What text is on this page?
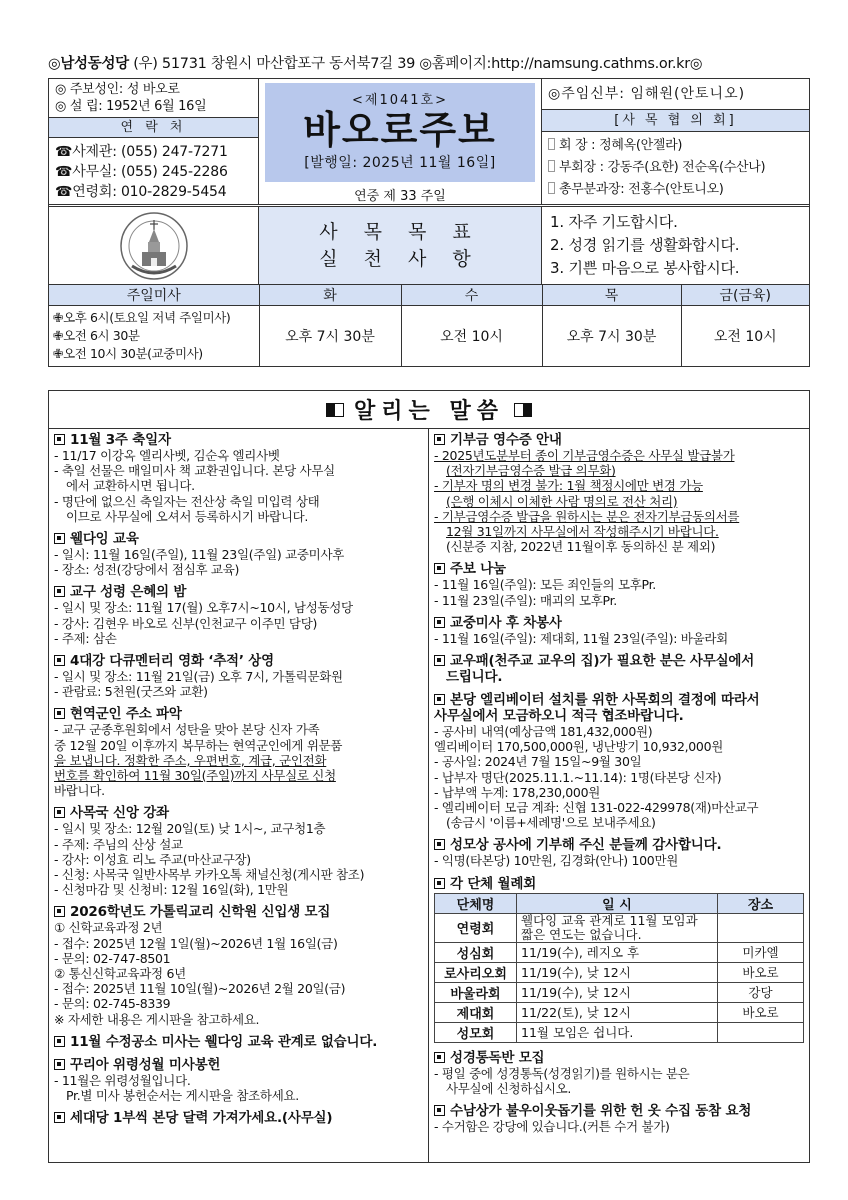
◎남성동성당 (우) 51731 창원시 마산합포구 동서북7길 39 ◎홈페이지:http://namsung.cathms.or.kr◎
◎ 주보성인: 성 바오로
◎ 설 립: 1952년 6월 16일
연 락 처
☎사제관: (055) 247-7271
☎사무실: (055) 245-2286
☎연령회: 010-2829-5454
<제1041호>
바오로주보
[발행일: 2025년 11월 16일]
연중 제 33 주일
◎주임신부: 임해원(안토니오)
[사 목 협 의 회]
회 장 : 정혜옥(안젤라)
부회장 : 강동주(요한) 전순옥(수산나)
총무분과장: 전홍수(안토니오)
사 목 목 표
실 천 사 항
1. 자주 기도합시다.
2. 성경 읽기를 생활화합시다.
3. 기쁜 마음으로 봉사합시다.
주일미사	화	수	목	금(금육)

✙오후 6시(토요일 저녁 주일미사)
✙오전 6시 30분
✙오전 10시 30분(교중미사)	오후 7시 30분	오전 10시	오후 7시 30분	오전 10시
알리는 말씀
11월 3주 축일자
- 11/17 이강옥 엘리사벳, 김순옥 엘리사벳
- 축일 선물은 매일미사 책 교환권입니다. 본당 사무실
에서 교환하시면 됩니다.
- 명단에 없으신 축일자는 전산상 축일 미입력 상태
이므로 사무실에 오셔서 등록하시기 바랍니다.
웰다잉 교육
- 일시: 11월 16일(주일), 11월 23일(주일) 교중미사후
- 장소: 성전(강당에서 점심후 교육)
교구 성령 은혜의 밤
- 일시 및 장소: 11월 17(월) 오후7시~10시, 남성동성당
- 강사: 김현우 바오로 신부(인천교구 이주민 담당)
- 주제: 삼손
4대강 다큐멘터리 영화 ‘추적’ 상영
- 일시 및 장소: 11월 21일(금) 오후 7시, 가톨릭문화원
- 관람료: 5천원(굿즈와 교환)
현역군인 주소 파악
- 교구 군종후원회에서 성탄을 맞아 본당 신자 가족
중 12월 20일 이후까지 복무하는 현역군인에게 위문품
을 보냅니다. 정확한 주소, 우편번호, 계급, 군인전화
번호를 확인하여 11월 30일(주일)까지 사무실로 신청
바랍니다.
사목국 신앙 강좌
- 일시 및 장소: 12월 20일(토) 낮 1시~, 교구청1층
- 주제: 주님의 산상 설교
- 강사: 이성효 리노 주교(마산교구장)
- 신청: 사목국 일반사목부 카카오톡 채널신청(게시판 참조)
- 신청마감 및 신청비: 12월 16일(화), 1만원
2026학년도 가톨릭교리 신학원 신입생 모집
① 신학교육과정 2년
- 접수: 2025년 12월 1일(월)~2026년 1월 16일(금)
- 문의: 02-747-8501
② 통신신학교육과정 6년
- 접수: 2025년 11월 10일(월)~2026년 2월 20일(금)
- 문의: 02-745-8339
※ 자세한 내용은 게시판을 참고하세요.
11월 수정공소 미사는 웰다잉 교육 관계로 없습니다.
꾸리아 위령성월 미사봉헌
- 11월은 위령성월입니다.
Pr.별 미사 봉헌순서는 게시판을 참조하세요.
세대당 1부씩 본당 달력 가져가세요.(사무실)
기부금 영수증 안내
- 2025년도분부터 종이 기부금영수증은 사무실 발급불가
(전자기부금영수증 발급 의무화)
- 기부자 명의 변경 불가: 1월 책정시에만 변경 가능
(은행 이체시 이체한 사람 명의로 전산 처리)
- 기부금영수증 발급을 원하시는 분은 전자기부금동의서를
12월 31일까지 사무실에서 작성해주시기 바랍니다.
(신분증 지참, 2022년 11월이후 동의하신 분 제외)
주보 나눔
- 11월 16일(주일): 모든 죄인들의 모후Pr.
- 11월 23일(주일): 매괴의 모후Pr.
교중미사 후 차봉사
- 11월 16일(주일): 제대회, 11월 23일(주일): 바울라회
교우패(천주교 교우의 집)가 필요한 분은 사무실에서
드립니다.
본당 엘리베이터 설치를 위한 사목회의 결정에 따라서
사무실에서 모금하오니 적극 협조바랍니다.
- 공사비 내역(예상금액 181,432,000원)
엘리베이터 170,500,000원, 냉난방기 10,932,000원
- 공사일: 2024년 7월 15일~9월 30일
- 납부자 명단(2025.11.1.~11.14): 1명(타본당 신자)
- 납부액 누계: 178,230,000원
- 엘리베이터 모금 계좌: 신협 131-022-429978(재)마산교구
(송금시 '이름+세례명'으로 보내주세요)
성모상 공사에 기부해 주신 분들께 감사합니다.
- 익명(타본당) 10만원, 김경화(안나) 100만원
각 단체 월례회
단체명	일 시	장소
연령회	웰다잉 교육 관계로 11월 모임과 짧은 연도는 없습니다.	
성심회	11/19(수), 레지오 후	미카엘
로사리오회	11/19(수), 낮 12시	바오로
바울라회	11/19(수), 낮 12시	강당
제대회	11/22(토), 낮 12시	바오로
성모회	11월 모임은 쉽니다.	
성경통독반 모집
- 평일 중에 성경통독(성경읽기)를 원하시는 분은
사무실에 신청하십시오.
수남상가 불우이웃돕기를 위한 헌 옷 수집 동참 요청
- 수거함은 강당에 있습니다.(커튼 수거 불가)
